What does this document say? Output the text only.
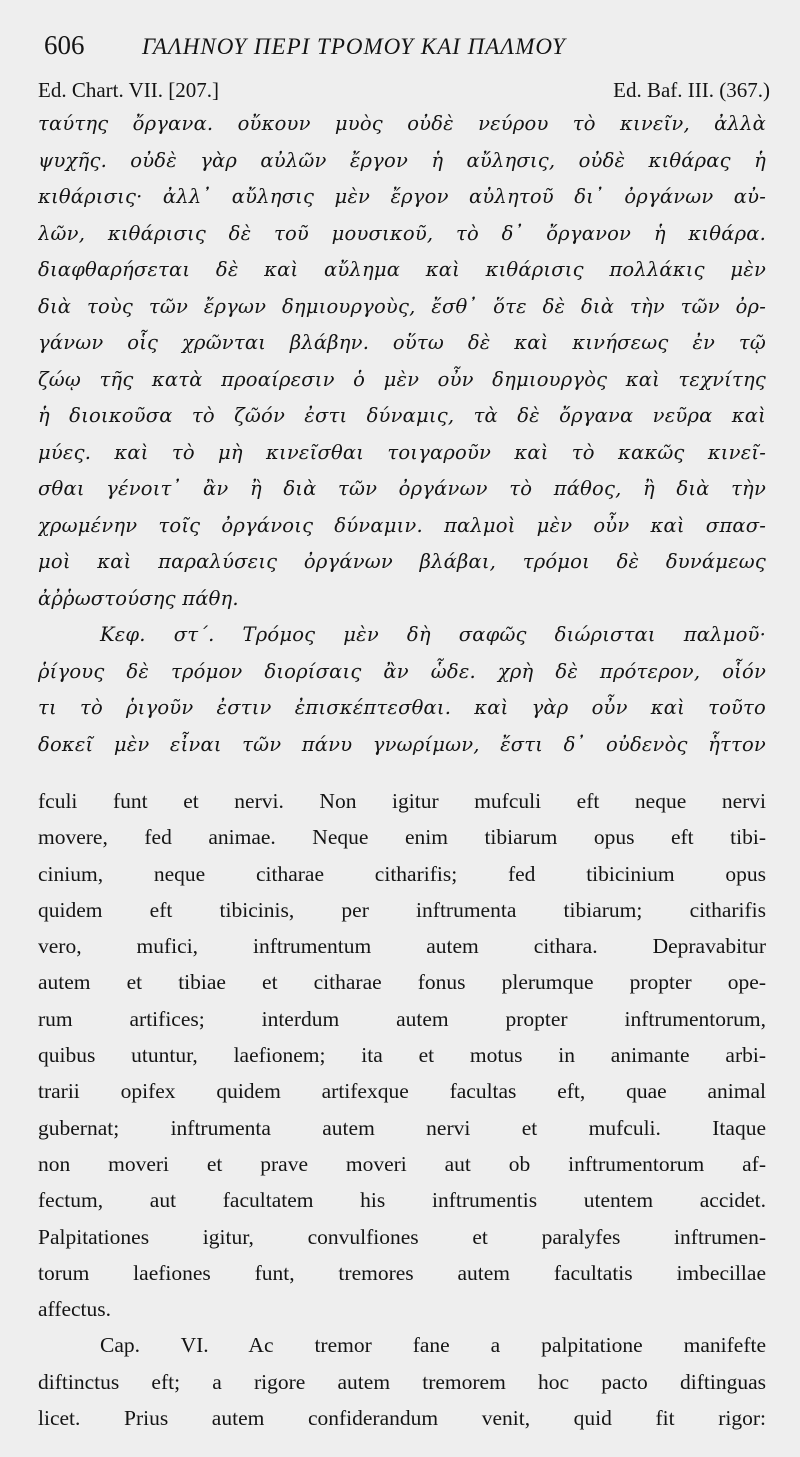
606	ΓΑΛΗΝΟΥ ΠΕΡΙ ΤΡΟΜΟΥ ΚΑΙ ΠΑΛΜΟΥ
Ed. Chart. VII. [207.]	Ed. Baf. III. (367.)
ταύτης ὄργανα. οὔκουν μυὸς οὐδὲ νεύρου τὸ κινεῖν, ἀλλὰ
ψυχῆς. οὐδὲ γὰρ αὐλῶν ἔργον ἡ αὔλησις, οὐδὲ κιθάρας ἡ
κιθάρισις· ἀλλ᾽ αὔλησις μὲν ἔργον αὐλητοῦ δι᾽ ὀργάνων αὐ-
λῶν, κιθάρισις δὲ τοῦ μουσικοῦ, τὸ δ᾽ ὄργανον ἡ κιθάρα.
διαφθαρήσεται δὲ καὶ αὔλημα καὶ κιθάρισις πολλάκις μὲν
διὰ τοὺς τῶν ἔργων δημιουργοὺς, ἔσθ᾽ ὅτε δὲ διὰ τὴν τῶν ὀρ-
γάνων οἷς χρῶνται βλάβην. οὕτω δὲ καὶ κινήσεως ἐν τῷ
ζώῳ τῆς κατὰ προαίρεσιν ὁ μὲν οὖν δημιουργὸς καὶ τεχνίτης
ἡ διοικοῦσα τὸ ζῶόν ἐστι δύναμις, τὰ δὲ ὄργανα νεῦρα καὶ
μύες. καὶ τὸ μὴ κινεῖσθαι τοιγαροῦν καὶ τὸ κακῶς κινεῖ-
σθαι γένοιτ᾽ ἂν ἢ διὰ τῶν ὀργάνων τὸ πάθος, ἢ διὰ τὴν
χρωμένην τοῖς ὀργάνοις δύναμιν. παλμοὶ μὲν οὖν καὶ σπασ-
μοὶ καὶ παραλύσεις ὀργάνων βλάβαι, τρόμοι δὲ δυνάμεως
ἀῤῥωστούσης πάθη.
Κεφ. στ΄. Τρόμος μὲν δὴ σαφῶς διώρισται παλμοῦ·
ῥίγους δὲ τρόμον διορίσαις ἂν ὧδε. χρὴ δὲ πρότερον, οἷόν
τι τὸ ῥιγοῦν ἐστιν ἐπισκέπτεσθαι. καὶ γὰρ οὖν καὶ τοῦτο
δοκεῖ μὲν εἶναι τῶν πάνυ γνωρίμων, ἔστι δ᾽ οὐδενὸς ἧττον
fculi funt et nervi. Non igitur mufculi eft neque nervi
movere, fed animae. Neque enim tibiarum opus eft tibi-
cinium, neque citharae citharifis; fed tibicinium opus
quidem eft tibicinis, per inftrumenta tibiarum; citharifis
vero, mufici, inftrumentum autem cithara. Depravabitur
autem et tibiae et citharae fonus plerumque propter ope-
rum artifices; interdum autem propter inftrumentorum,
quibus utuntur, laefionem; ita et motus in animante arbi-
trarii opifex quidem artifexque facultas eft, quae animal
gubernat; inftrumenta autem nervi et mufculi. Itaque
non moveri et prave moveri aut ob inftrumentorum af-
fectum, aut facultatem his inftrumentis utentem accidet.
Palpitationes igitur, convulfiones et paralyfes inftrumen-
torum laefiones funt, tremores autem facultatis imbecillae
affectus.
Cap. VI. Ac tremor fane a palpitatione manifefte
diftinctus eft; a rigore autem tremorem hoc pacto diftinguas
licet. Prius autem confiderandum venit, quid fit rigor:
